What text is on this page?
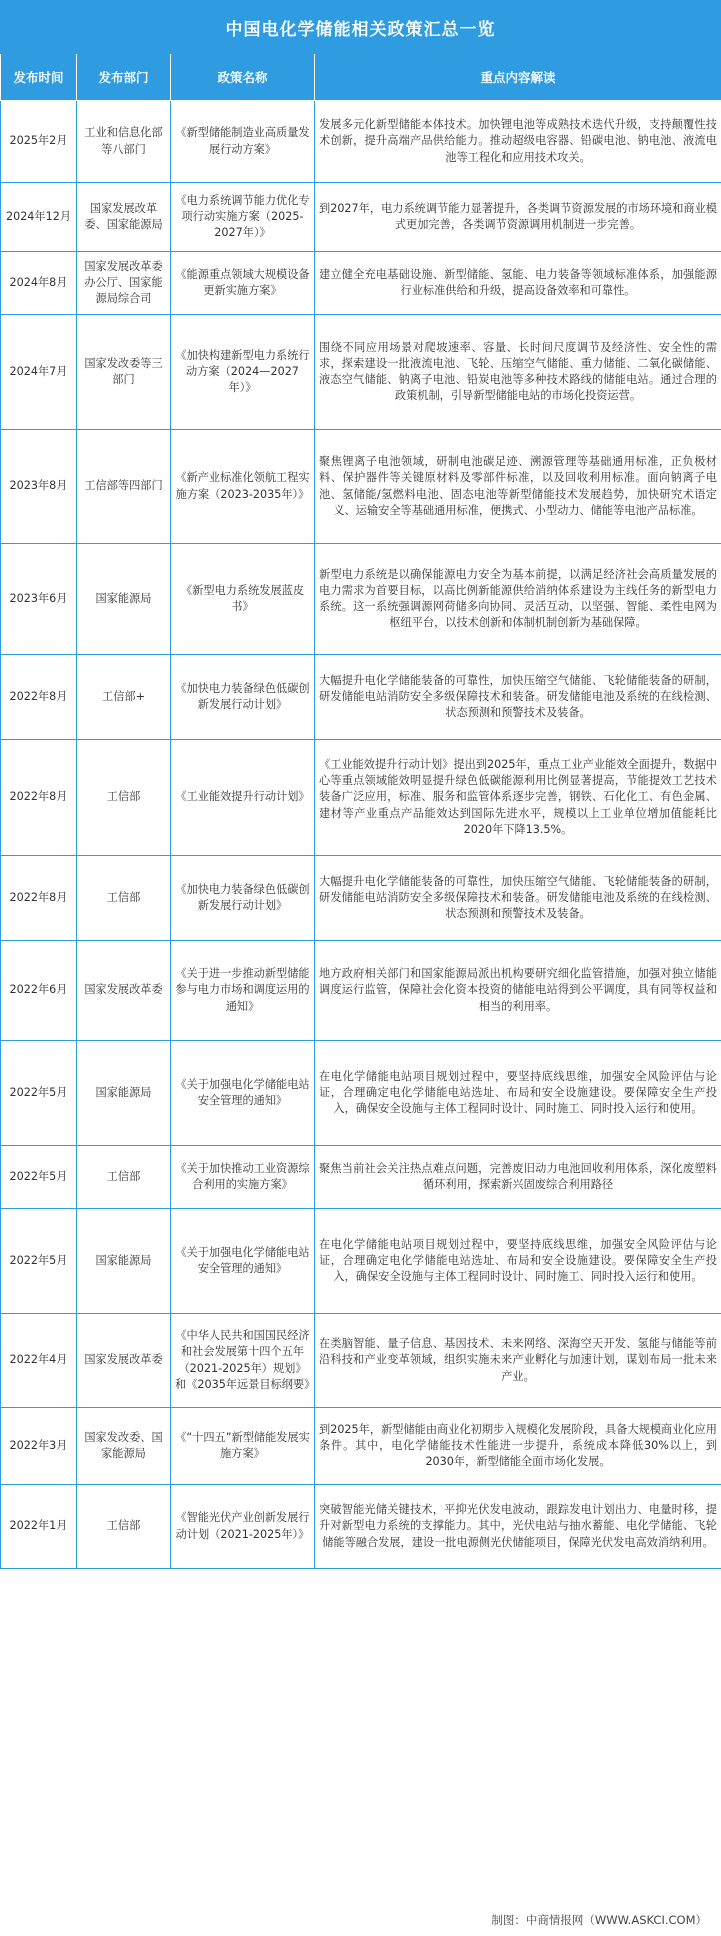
中国电化学储能相关政策汇总一览
发布时间	发布部门	政策名称	重点内容解读
2025年2月	工业和信息化部等八部门	《新型储能制造业高质量发展行动方案》	发展多元化新型储能本体技术。加快锂电池等成熟技术迭代升级，支持颠覆性技术创新，提升高端产品供给能力。推动超级电容器、铅碳电池、钠电池、液流电池等工程化和应用技术攻关。
2024年12月	国家发展改革委、国家能源局	《电力系统调节能力优化专项行动实施方案（2025-2027年）》	到2027年，电力系统调节能力显著提升，各类调节资源发展的市场环境和商业模式更加完善，各类调节资源调用机制进一步完善。
2024年8月	国家发展改革委办公厅、国家能源局综合司	《能源重点领域大规模设备更新实施方案》	建立健全充电基础设施、新型储能、氢能、电力装备等领域标准体系，加强能源行业标准供给和升级，提高设备效率和可靠性。
2024年7月	国家发改委等三部门	《加快构建新型电力系统行动方案（2024—2027年）》	围绕不同应用场景对爬坡速率、容量、长时间尺度调节及经济性、安全性的需求，探索建设一批液流电池、飞轮、压缩空气储能、重力储能、二氧化碳储能、液态空气储能、钠离子电池、铅炭电池等多种技术路线的储能电站。通过合理的政策机制，引导新型储能电站的市场化投资运营。
2023年8月	工信部等四部门	《新产业标准化领航工程实施方案（2023-2035年）》	聚焦锂离子电池领域，研制电池碳足迹、溯源管理等基础通用标准，正负极材料、保护器件等关键原材料及零部件标准，以及回收利用标准。面向钠离子电池、氢储能/氢燃料电池、固态电池等新型储能技术发展趋势，加快研究术语定义、运输安全等基础通用标准，便携式、小型动力、储能等电池产品标准。
2023年6月	国家能源局	《新型电力系统发展蓝皮书》	新型电力系统是以确保能源电力安全为基本前提，以满足经济社会高质量发展的电力需求为首要目标，以高比例新能源供给消纳体系建设为主线任务的新型电力系统。这一系统强调源网荷储多向协同、灵活互动，以坚强、智能、柔性电网为枢纽平台，以技术创新和体制机制创新为基础保障。
2022年8月	工信部+	《加快电力装备绿色低碳创新发展行动计划》	大幅提升电化学储能装备的可靠性，加快压缩空气储能、飞轮储能装备的研制，研发储能电站消防安全多级保障技术和装备。研发储能电池及系统的在线检测、状态预测和预警技术及装备。
2022年8月	工信部	《工业能效提升行动计划》	《工业能效提升行动计划》提出到2025年，重点工业产业能效全面提升，数据中心等重点领域能效明显提升绿色低碳能源利用比例显著提高，节能提效工艺技术装备广泛应用，标准、服务和监管体系逐步完善，钢铁、石化化工、有色金属、建材等产业重点产品能效达到国际先进水平，规模以上工业单位增加值能耗比2020年下降13.5%。
2022年8月	工信部	《加快电力装备绿色低碳创新发展行动计划》	大幅提升电化学储能装备的可靠性，加快压缩空气储能、飞轮储能装备的研制，研发储能电站消防安全多级保障技术和装备。研发储能电池及系统的在线检测、状态预测和预警技术及装备。
2022年6月	国家发展改革委	《关于进一步推动新型储能参与电力市场和调度运用的通知》	地方政府相关部门和国家能源局派出机构要研究细化监管措施，加强对独立储能调度运行监管，保障社会化资本投资的储能电站得到公平调度，具有同等权益和相当的利用率。
2022年5月	国家能源局	《关于加强电化学储能电站安全管理的通知》	在电化学储能电站项目规划过程中，要坚持底线思维，加强安全风险评估与论证，合理确定电化学储能电站选址、布局和安全设施建设。要保障安全生产投入，确保安全设施与主体工程同时设计、同时施工、同时投入运行和使用。
2022年5月	工信部	《关于加快推动工业资源综合利用的实施方案》	聚焦当前社会关注热点难点问题，完善废旧动力电池回收利用体系，深化废塑料循环利用，探索新兴固废综合利用路径
2022年5月	国家能源局	《关于加强电化学储能电站安全管理的通知》	在电化学储能电站项目规划过程中，要坚持底线思维，加强安全风险评估与论证，合理确定电化学储能电站选址、布局和安全设施建设。要保障安全生产投入，确保安全设施与主体工程同时设计、同时施工、同时投入运行和使用。
2022年4月	国家发展改革委	《中华人民共和国国民经济和社会发展第十四个五年（2021-2025年）规划》和《2035年远景目标纲要》	在类脑智能、量子信息、基因技术、未来网络、深海空天开发、氢能与储能等前沿科技和产业变革领域，组织实施未来产业孵化与加速计划，谋划布局一批未来产业。
2022年3月	国家发改委、国家能源局	《“十四五”新型储能发展实施方案》	到2025年，新型储能由商业化初期步入规模化发展阶段，具备大规模商业化应用条件。其中，电化学储能技术性能进一步提升，系统成本降低30%以上，到2030年，新型储能全面市场化发展。
2022年1月	工信部	《智能光伏产业创新发展行动计划（2021-2025年）》	突破智能光储关键技术，平抑光伏发电波动，跟踪发电计划出力、电量时移，提升对新型电力系统的支撑能力。其中，光伏电站与抽水蓄能、电化学储能、飞轮储能等融合发展，建设一批电源侧光伏储能项目，保障光伏发电高效消纳利用。
制图：中商情报网（WWW.ASKCI.COM）
